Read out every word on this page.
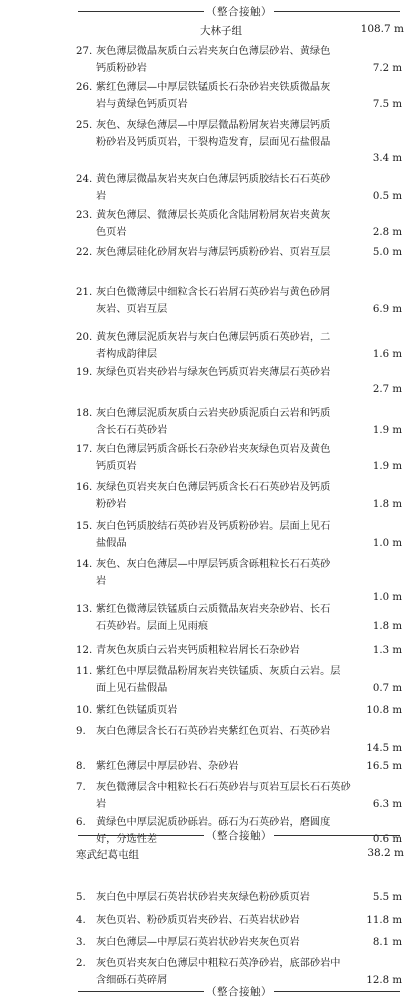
（整合接触）
大林子组	108.7 m
27. 灰色薄层微晶灰质白云岩夹灰白色薄层砂岩、黄绿色
钙质粉砂岩	7.2 m
26. 紫红色薄层—中厚层铁锰质长石杂砂岩夹铁质微晶灰
岩与黄绿色钙质页岩	7.5 m
25. 灰色、灰绿色薄层—中厚层微晶粉屑灰岩夹薄层钙质
粉砂岩及钙质页岩，干裂构造发育，层面见石盐假晶
3.4 m
24. 黄色薄层微晶灰岩夹灰白色薄层钙质胶结长石石英砂
岩	0.5 m
23. 黄灰色薄层、微薄层长英质化含陆屑粉屑灰岩夹黄灰
色页岩	2.8 m
22. 灰色薄层硅化砂屑灰岩与薄层钙质粉砂岩、页岩互层	5.0 m
21. 灰白色微薄层中细粒含长石岩屑石英砂岩与黄色砂屑
灰岩、页岩互层	6.9 m
20. 黄灰色薄层泥质灰岩与灰白色薄层钙质石英砂岩，二
者构成韵律层	1.6 m
19. 灰绿色页岩夹砂岩与绿灰色钙质页岩夹薄层石英砂岩
2.7 m
18. 灰白色薄层泥质灰质白云岩夹砂质泥质白云岩和钙质
含长石石英砂岩	1.9 m
17. 灰白色薄层钙质含砾长石杂砂岩夹灰绿色页岩及黄色
钙质页岩	1.9 m
16. 灰绿色页岩夹灰白色薄层钙质含长石石英砂岩及钙质
粉砂岩	1.8 m
15. 灰白色钙质胶结石英砂岩及钙质粉砂岩。层面上见石
盐假晶	1.0 m
14. 灰色、灰白色薄层—中厚层钙质含砾粗粒长石石英砂
岩
1.0 m
13. 紫红色微薄层铁锰质白云质微晶灰岩夹杂砂岩、长石
石英砂岩。层面上见雨痕	1.8 m
12. 青灰色灰质白云岩夹钙质粗粒岩屑长石杂砂岩	1.3 m
11. 紫红色中厚层微晶粉屑灰岩夹铁锰质、灰质白云岩。层
面上见石盐假晶	0.7 m
10. 紫红色铁锰质页岩	10.8 m
9. 灰白色薄层含长石石英砂岩夹紫红色页岩、石英砂岩
14.5 m
8. 紫红色薄层中厚层砂岩、杂砂岩	16.5 m
7. 灰色微薄层含中粗粒长石石英砂岩与页岩互层长石石英砂
岩	6.3 m
6. 黄绿色中厚层泥质砂砾岩。砾石为石英砂岩，磨圆度
好，分选性差	0.6 m
（整合接触）
寒武纪葛屯组	38.2 m
5. 灰白色中厚层石英岩状砂岩夹灰绿色粉砂质页岩	5.5 m
4. 灰色页岩、粉砂质页岩夹砂岩、石英岩状砂岩	11.8 m
3. 灰白色薄层—中厚层石英岩状砂岩夹灰色页岩	8.1 m
2. 灰色页岩夹灰白色薄层中粗粒石英净砂岩，底部砂岩中
含细砾石英碎屑	12.8 m
（整合接触）
